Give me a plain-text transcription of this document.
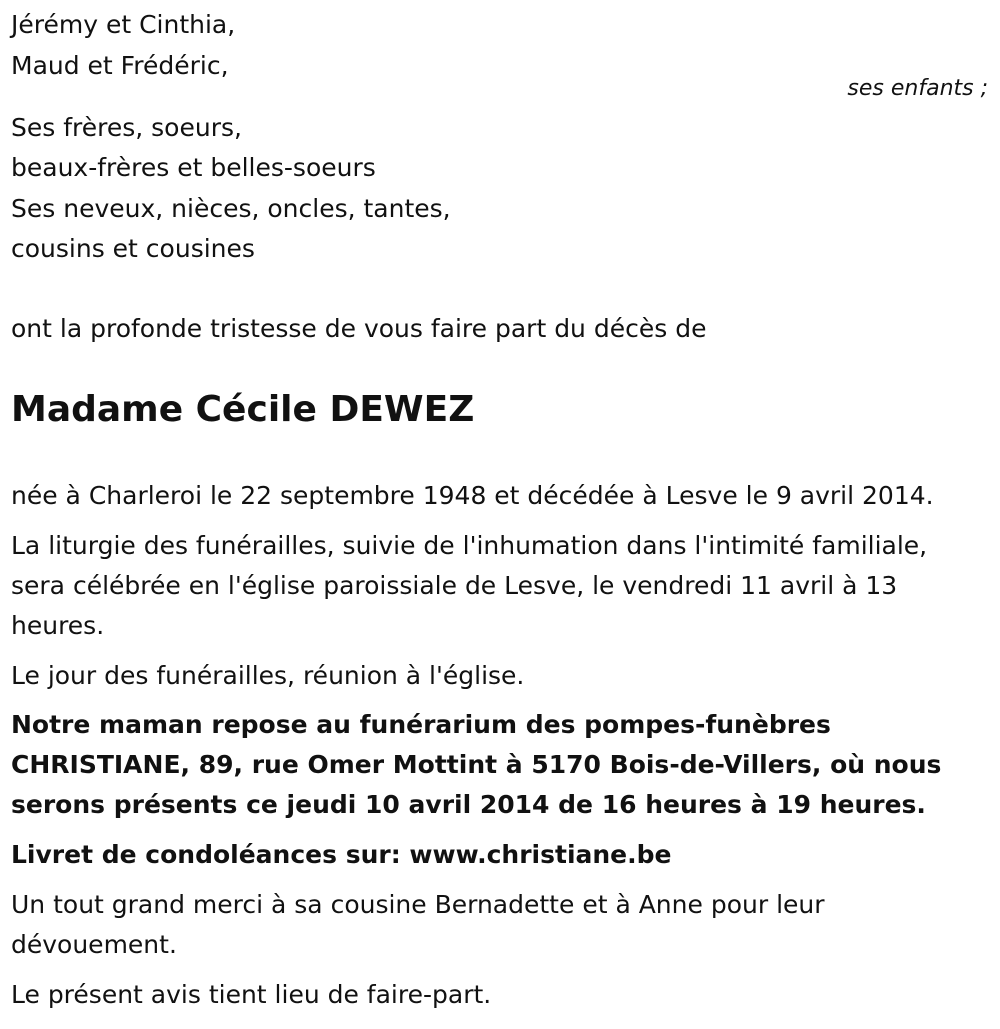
Jérémy et Cinthia,
Maud et Frédéric,
ses enfants ;
Ses frères, soeurs,
beaux-frères et belles-soeurs
Ses neveux, nièces, oncles, tantes,
cousins et cousines
ont la profonde tristesse de vous faire part du décès de
Madame Cécile DEWEZ
née à Charleroi le 22 septembre 1948 et décédée à Lesve le 9 avril 2014.
La liturgie des funérailles, suivie de l'inhumation dans l'intimité familiale,
sera célébrée en l'église paroissiale de Lesve, le vendredi 11 avril à 13
heures.
Le jour des funérailles, réunion à l'église.
Notre maman repose au funérarium des pompes-funèbres
CHRISTIANE, 89, rue Omer Mottint à 5170 Bois-de-Villers, où nous
serons présents ce jeudi 10 avril 2014 de 16 heures à 19 heures.
Livret de condoléances sur: www.christiane.be
Un tout grand merci à sa cousine Bernadette et à Anne pour leur
dévouement.
Le présent avis tient lieu de faire-part.
